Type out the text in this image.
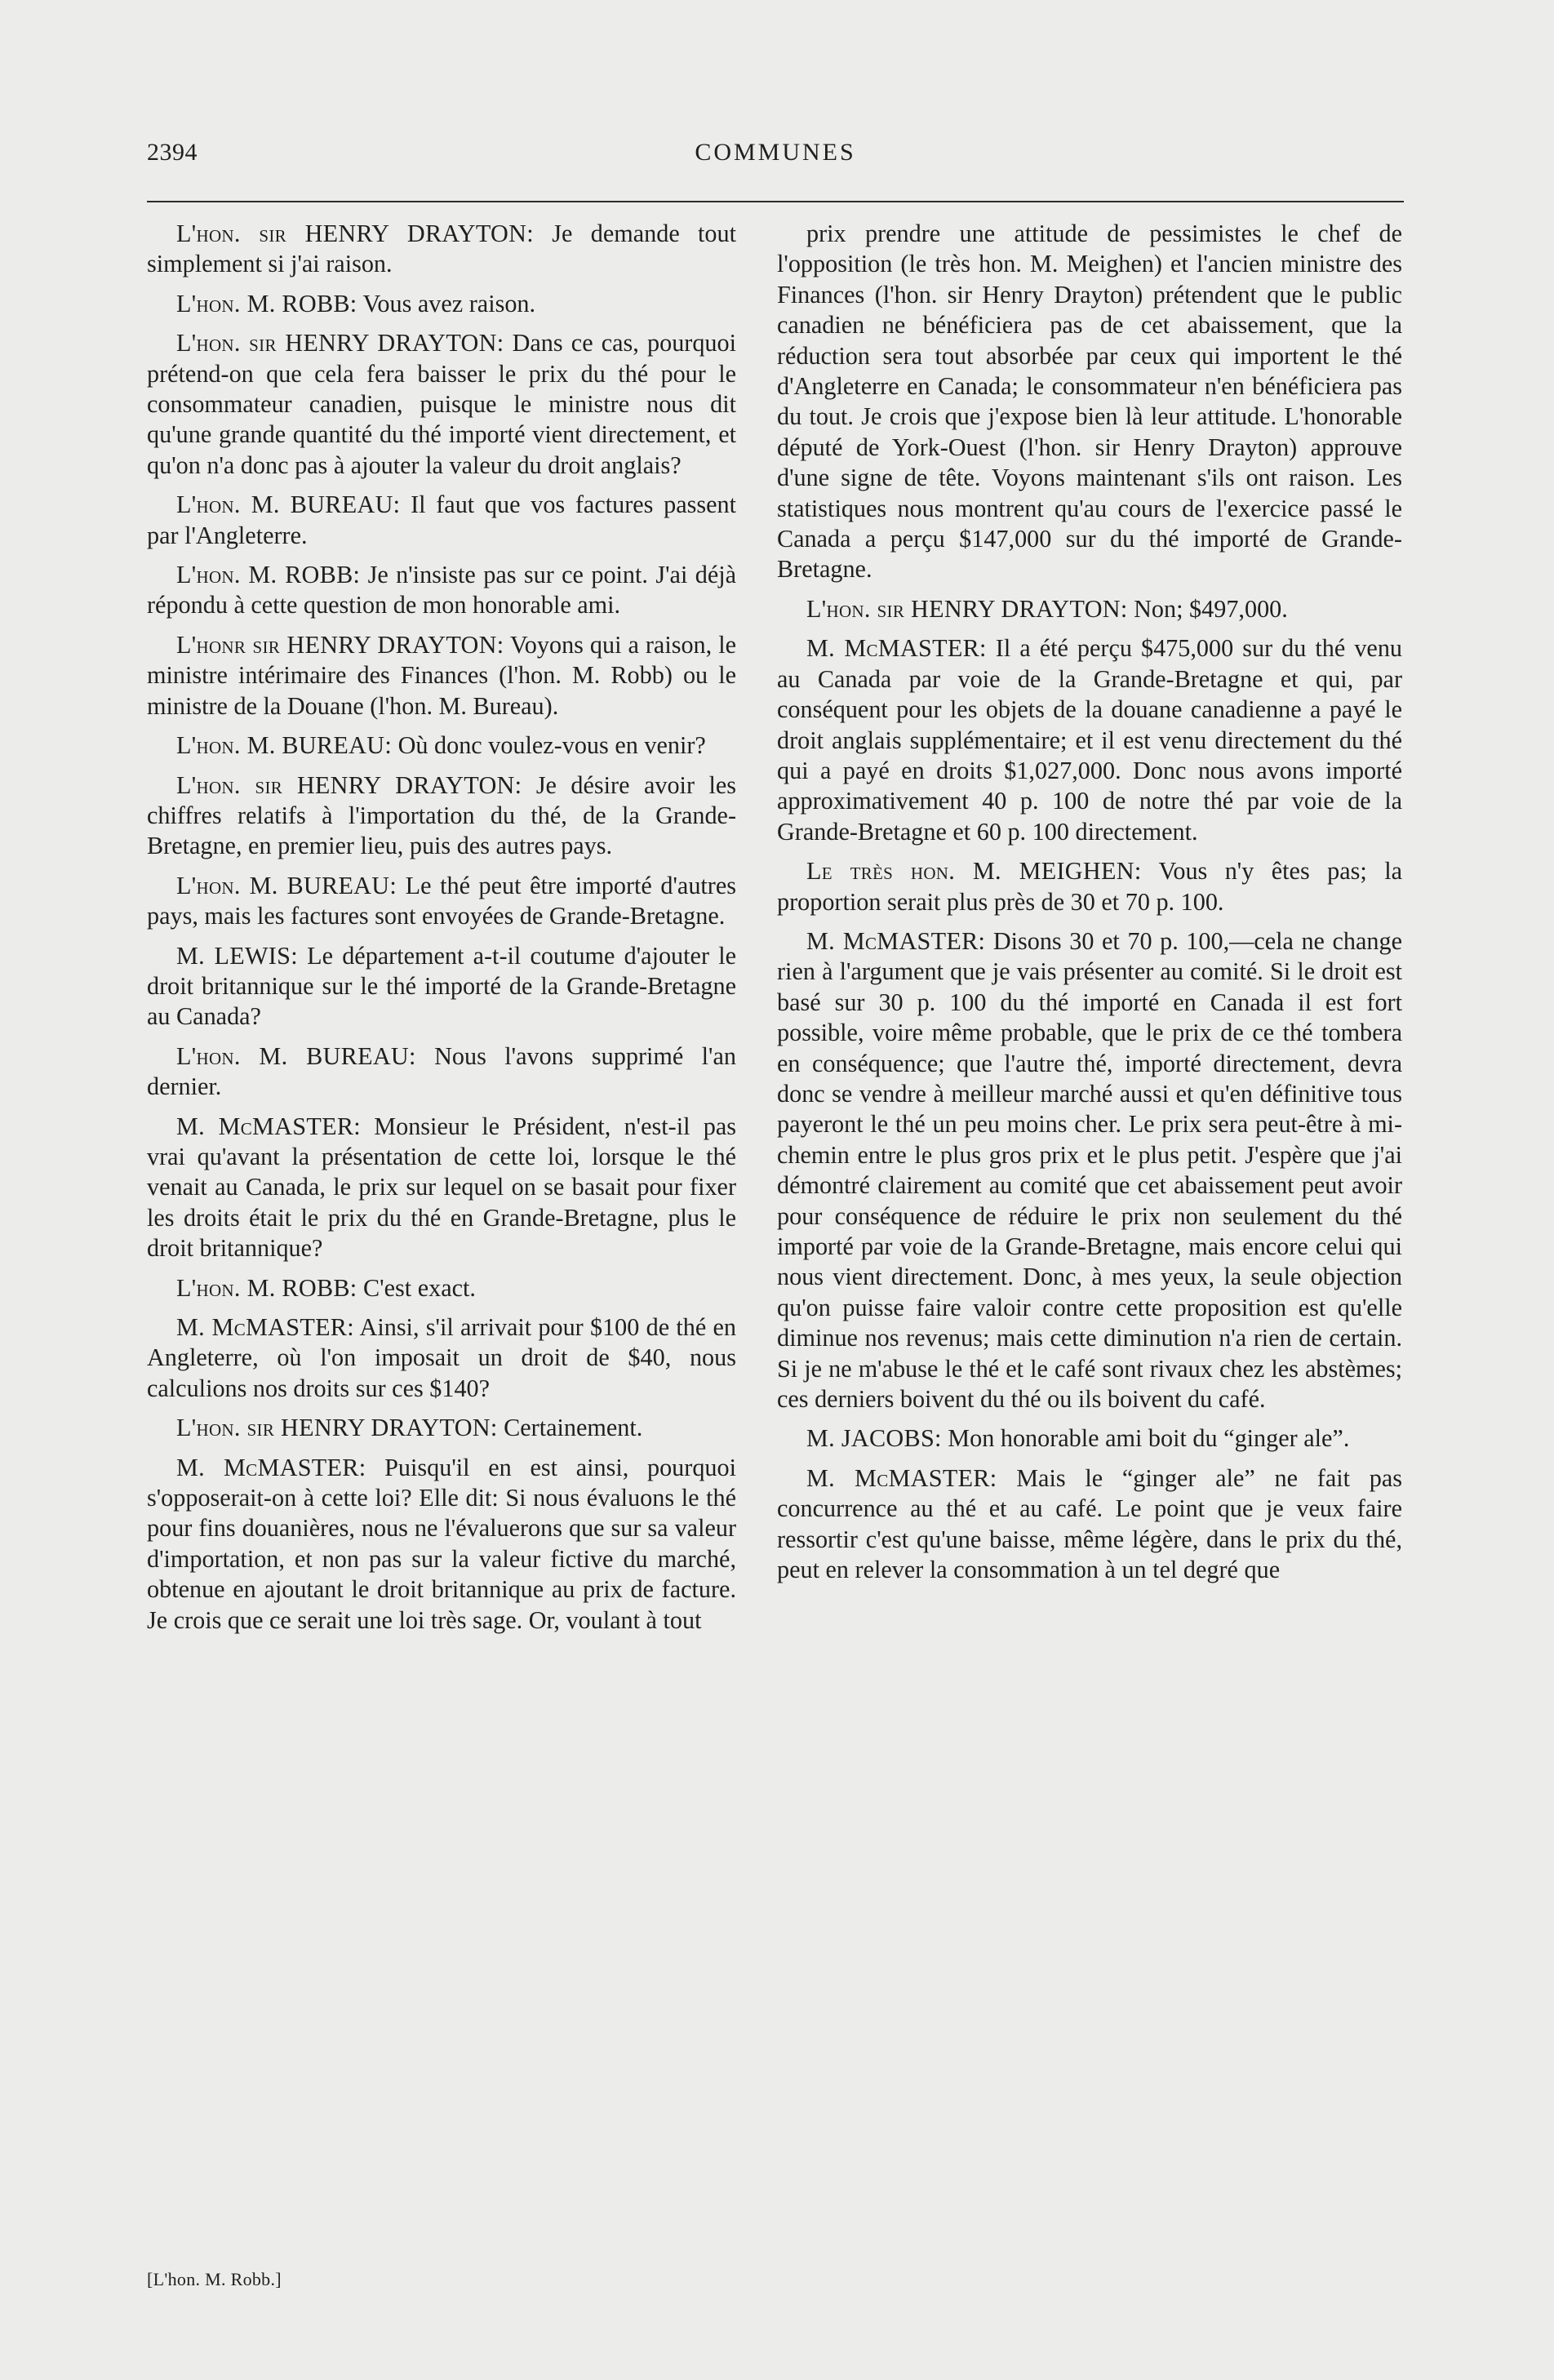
2394	COMMUNES

L'hon. sir HENRY DRAYTON: Je demande tout simplement si j'ai raison.

L'hon. M. ROBB: Vous avez raison.

L'hon. sir HENRY DRAYTON: Dans ce cas, pourquoi prétend-on que cela fera baisser le prix du thé pour le consommateur canadien, puisque le ministre nous dit qu'une grande quantité du thé importé vient directement, et qu'on n'a donc pas à ajouter la valeur du droit anglais?

L'hon. M. BUREAU: Il faut que vos factures passent par l'Angleterre.

L'hon. M. ROBB: Je n'insiste pas sur ce point. J'ai déjà répondu à cette question de mon honorable ami.

L'honr sir HENRY DRAYTON: Voyons qui a raison, le ministre intérimaire des Finances (l'hon. M. Robb) ou le ministre de la Douane (l'hon. M. Bureau).

L'hon. M. BUREAU: Où donc voulez-vous en venir?

L'hon. sir HENRY DRAYTON: Je désire avoir les chiffres relatifs à l'importation du thé, de la Grande-Bretagne, en premier lieu, puis des autres pays.

L'hon. M. BUREAU: Le thé peut être importé d'autres pays, mais les factures sont envoyées de Grande-Bretagne.

M. LEWIS: Le département a-t-il coutume d'ajouter le droit britannique sur le thé importé de la Grande-Bretagne au Canada?

L'hon. M. BUREAU: Nous l'avons supprimé l'an dernier.

M. McMASTER: Monsieur le Président, n'est-il pas vrai qu'avant la présentation de cette loi, lorsque le thé venait au Canada, le prix sur lequel on se basait pour fixer les droits était le prix du thé en Grande-Bretagne, plus le droit britannique?

L'hon. M. ROBB: C'est exact.

M. McMASTER: Ainsi, s'il arrivait pour $100 de thé en Angleterre, où l'on imposait un droit de $40, nous calculions nos droits sur ces $140?

L'hon. sir HENRY DRAYTON: Certainement.

M. McMASTER: Puisqu'il en est ainsi, pourquoi s'opposerait-on à cette loi? Elle dit: Si nous évaluons le thé pour fins douanières, nous ne l'évaluerons que sur sa valeur d'importation, et non pas sur la valeur fictive du marché, obtenue en ajoutant le droit britannique au prix de facture. Je crois que ce serait une loi très sage. Or, voulant à tout

prix prendre une attitude de pessimistes le chef de l'opposition (le très hon. M. Meighen) et l'ancien ministre des Finances (l'hon. sir Henry Drayton) prétendent que le public canadien ne bénéficiera pas de cet abaissement, que la réduction sera tout absorbée par ceux qui importent le thé d'Angleterre en Canada; le consommateur n'en bénéficiera pas du tout. Je crois que j'expose bien là leur attitude. L'honorable député de York-Ouest (l'hon. sir Henry Drayton) approuve d'une signe de tête. Voyons maintenant s'ils ont raison. Les statistiques nous montrent qu'au cours de l'exercice passé le Canada a perçu $147,000 sur du thé importé de Grande-Bretagne.

L'hon. sir HENRY DRAYTON: Non; $497,000.

M. McMASTER: Il a été perçu $475,000 sur du thé venu au Canada par voie de la Grande-Bretagne et qui, par conséquent pour les objets de la douane canadienne a payé le droit anglais supplémentaire; et il est venu directement du thé qui a payé en droits $1,027,000. Donc nous avons importé approximativement 40 p. 100 de notre thé par voie de la Grande-Bretagne et 60 p. 100 directement.

Le très hon. M. MEIGHEN: Vous n'y êtes pas; la proportion serait plus près de 30 et 70 p. 100.

M. McMASTER: Disons 30 et 70 p. 100,—cela ne change rien à l'argument que je vais présenter au comité. Si le droit est basé sur 30 p. 100 du thé importé en Canada il est fort possible, voire même probable, que le prix de ce thé tombera en conséquence; que l'autre thé, importé directement, devra donc se vendre à meilleur marché aussi et qu'en définitive tous payeront le thé un peu moins cher. Le prix sera peut-être à mi-chemin entre le plus gros prix et le plus petit. J'espère que j'ai démontré clairement au comité que cet abaissement peut avoir pour conséquence de réduire le prix non seulement du thé importé par voie de la Grande-Bretagne, mais encore celui qui nous vient directement. Donc, à mes yeux, la seule objection qu'on puisse faire valoir contre cette proposition est qu'elle diminue nos revenus; mais cette diminution n'a rien de certain. Si je ne m'abuse le thé et le café sont rivaux chez les abstèmes; ces derniers boivent du thé ou ils boivent du café.

M. JACOBS: Mon honorable ami boit du “ginger ale”.

M. McMASTER: Mais le “ginger ale” ne fait pas concurrence au thé et au café. Le point que je veux faire ressortir c'est qu'une baisse, même légère, dans le prix du thé, peut en relever la consommation à un tel degré que

[L'hon. M. Robb.]
